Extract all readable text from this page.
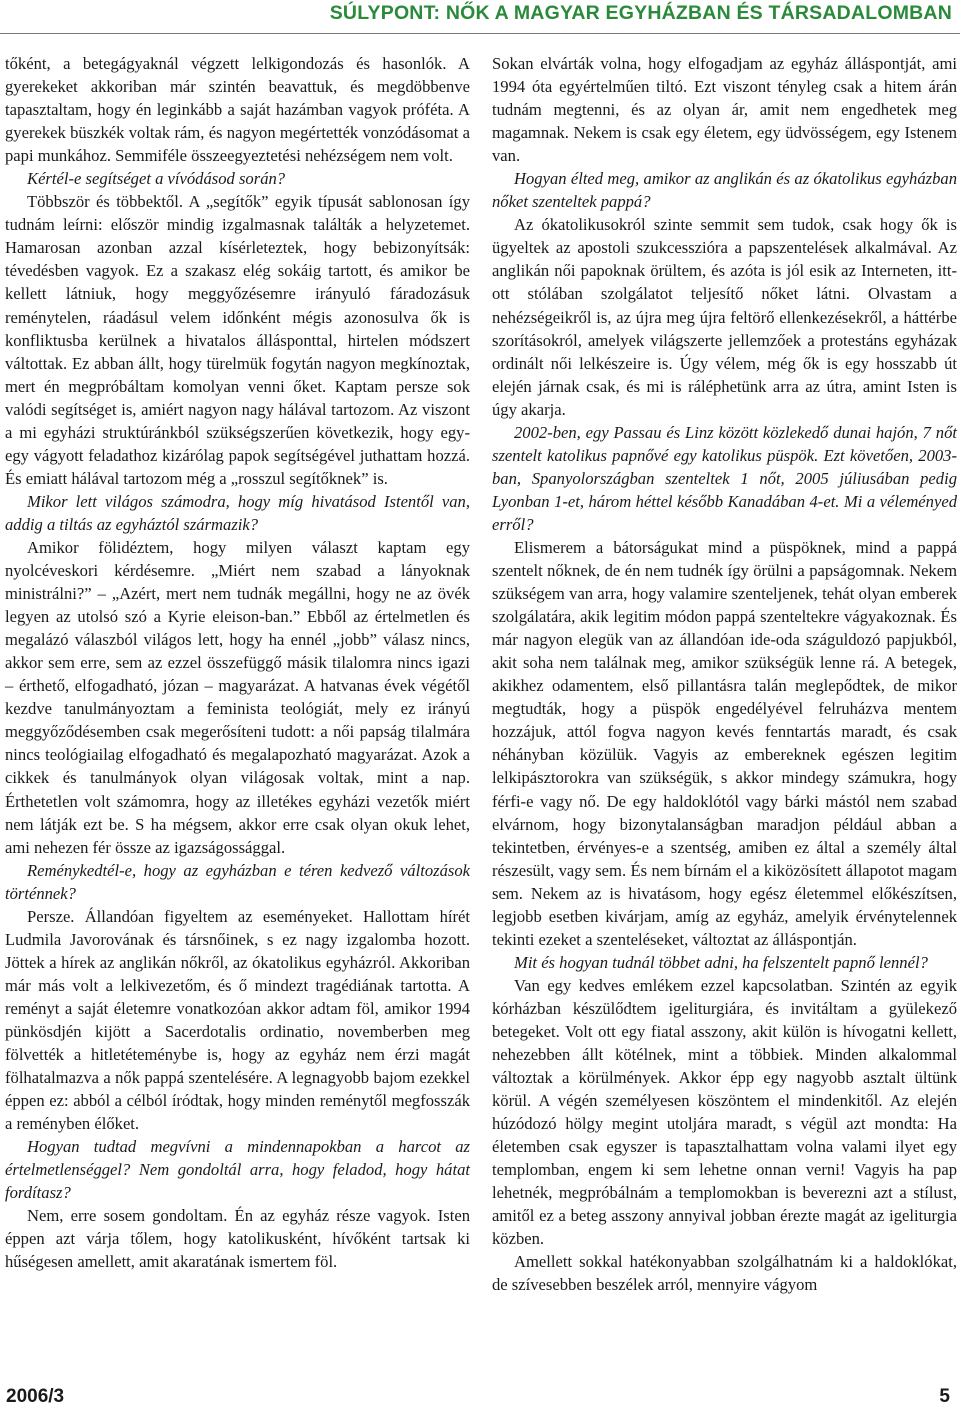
SÚLYPONT: NŐK A MAGYAR EGYHÁZBAN ÉS TÁRSADALOMBAN

tőként, a betegágyaknál végzett lelkigondozás és hasonlók. A gyerekeket akkoriban már szintén beavattuk, és megdöbbenve tapasztaltam, hogy én leginkább a saját hazámban vagyok próféta. A gyerekek büszkék voltak rám, és nagyon megértették vonzódásomat a papi munkához. Semmiféle összeegyeztetési nehézségem nem volt.

Kértél-e segítséget a vívódásod során?

Többször és többektől. A „segítők” egyik típusát sablonosan így tudnám leírni: először mindig izgalmasnak találták a helyzetemet. Hamarosan azonban azzal kísérleteztek, hogy bebizonyítsák: tévedésben vagyok. Ez a szakasz elég sokáig tartott, és amikor be kellett látniuk, hogy meggyőzésemre irányuló fáradozásuk reménytelen, ráadásul velem időnként mégis azonosulva ők is konfliktusba kerülnek a hivatalos állásponttal, hirtelen módszert váltottak. Ez abban állt, hogy türelmük fogytán nagyon megkínoztak, mert én megpróbáltam komolyan venni őket. Kaptam persze sok valódi segítséget is, amiért nagyon nagy hálával tartozom. Az viszont a mi egyházi struktúránkból szükségszerűen következik, hogy egy-egy vágyott feladathoz kizárólag papok segítségével juthattam hozzá. És emiatt hálával tartozom még a „rosszul segítőknek” is.

Mikor lett világos számodra, hogy míg hivatásod Istentől van, addig a tiltás az egyháztól származik?

Amikor fölidéztem, hogy milyen választ kaptam egy nyolcéveskori kérdésemre. „Miért nem szabad a lányoknak ministrálni?” – „Azért, mert nem tudnák megállni, hogy ne az övék legyen az utolsó szó a Kyrie eleison-ban.” Ebből az értelmetlen és megalázó válaszból világos lett, hogy ha ennél „jobb” válasz nincs, akkor sem erre, sem az ezzel összefüggő másik tilalomra nincs igazi – érthető, elfogadható, józan – magyarázat. A hatvanas évek végétől kezdve tanulmányoztam a feminista teológiát, mely ez irányú meggyőződésemben csak megerősíteni tudott: a női papság tilalmára nincs teológiailag elfogadható és megalapozható magyarázat. Azok a cikkek és tanulmányok olyan világosak voltak, mint a nap. Érthetetlen volt számomra, hogy az illetékes egyházi vezetők miért nem látják ezt be. S ha mégsem, akkor erre csak olyan okuk lehet, ami nehezen fér össze az igazságossággal.

Reménykedtél-e, hogy az egyházban e téren kedvező változások történnek?

Persze. Állandóan figyeltem az eseményeket. Hallottam hírét Ludmila Javorovának és társnőinek, s ez nagy izgalomba hozott. Jöttek a hírek az anglikán nőkről, az ókatolikus egyházról. Akkoriban már más volt a lelkivezetőm, és ő mindezt tragédiának tartotta. A reményt a saját életemre vonatkozóan akkor adtam föl, amikor 1994 pünkösdjén kijött a Sacerdotalis ordinatio, novemberben meg fölvették a hitletéteménybe is, hogy az egyház nem érzi magát fölhatalmazva a nők pappá szentelésére. A legnagyobb bajom ezekkel éppen ez: abból a célból íródtak, hogy minden reménytől megfosszák a reményben élőket.

Hogyan tudtad megvívni a mindennapokban a harcot az értelmetlenséggel? Nem gondoltál arra, hogy feladod, hogy hátat fordítasz?

Nem, erre sosem gondoltam. Én az egyház része vagyok. Isten éppen azt várja tőlem, hogy katolikusként, hívőként tartsak ki hűségesen amellett, amit akaratának ismertem föl.

Sokan elvárták volna, hogy elfogadjam az egyház álláspontját, ami 1994 óta egyértelműen tiltó. Ezt viszont tényleg csak a hitem árán tudnám megtenni, és az olyan ár, amit nem engedhetek meg magamnak. Nekem is csak egy életem, egy üdvösségem, egy Istenem van.

Hogyan élted meg, amikor az anglikán és az ókatolikus egyházban nőket szenteltek pappá?

Az ókatolikusokról szinte semmit sem tudok, csak hogy ők is ügyeltek az apostoli szukcesszióra a papszentelések alkalmával. Az anglikán női papoknak örültem, és azóta is jól esik az Interneten, itt-ott stólában szolgálatot teljesítő nőket látni. Olvastam a nehézségeikről is, az újra meg újra feltörő ellenkezésekről, a háttérbe szorításokról, amelyek világszerte jellemzőek a protestáns egyházak ordinált női lelkészeire is. Úgy vélem, még ők is egy hosszabb út elején járnak csak, és mi is ráléphetünk arra az útra, amint Isten is úgy akarja.

2002-ben, egy Passau és Linz között közlekedő dunai hajón, 7 nőt szentelt katolikus papnővé egy katolikus püspök. Ezt követően, 2003-ban, Spanyolországban szenteltek 1 nőt, 2005 júliusában pedig Lyonban 1-et, három héttel később Kanadában 4-et. Mi a véleményed erről?

Elismerem a bátorságukat mind a püspöknek, mind a pappá szentelt nőknek, de én nem tudnék így örülni a papságomnak. Nekem szükségem van arra, hogy valamire szenteljenek, tehát olyan emberek szolgálatára, akik legitim módon pappá szenteltekre vágyakoznak. És már nagyon elegük van az állandóan ide-oda száguldozó papjukból, akit soha nem találnak meg, amikor szükségük lenne rá. A betegek, akikhez odamentem, első pillantásra talán meglepődtek, de mikor megtudták, hogy a püspök engedélyével felruházva mentem hozzájuk, attól fogva nagyon kevés fenntartás maradt, és csak néhányban közülük. Vagyis az embereknek egészen legitim lelkipásztorokra van szükségük, s akkor mindegy számukra, hogy férfi-e vagy nő. De egy haldoklótól vagy bárki mástól nem szabad elvárnom, hogy bizonytalanságban maradjon például abban a tekintetben, érvényes-e a szentség, amiben ez által a személy által részesült, vagy sem. És nem bírnám el a kiközösített állapotot magam sem. Nekem az is hivatásom, hogy egész életemmel előkészítsen, legjobb esetben kivárjam, amíg az egyház, amelyik érvénytelennek tekinti ezeket a szenteléseket, változtat az álláspontján.

Mit és hogyan tudnál többet adni, ha felszentelt papnő lennél?

Van egy kedves emlékem ezzel kapcsolatban. Szintén az egyik kórházban készülődtem igeliturgiára, és invitáltam a gyülekező betegeket. Volt ott egy fiatal asszony, akit külön is hívogatni kellett, nehezebben állt kötélnek, mint a többiek. Minden alkalommal változtak a körülmények. Akkor épp egy nagyobb asztalt ültünk körül. A végén személyesen köszöntem el mindenkitől. Az elején húzódozó hölgy megint utoljára maradt, s végül azt mondta: Ha életemben csak egyszer is tapasztalhattam volna valami ilyet egy templomban, engem ki sem lehetne onnan verni! Vagyis ha pap lehetnék, megpróbálnám a templomokban is beverezni azt a stílust, amitől ez a beteg asszony annyival jobban érezte magát az igeliturgia közben.

Amellett sokkal hatékonyabban szolgálhatnám ki a haldoklókat, de szívesebben beszélek arról, mennyire vágyom

2006/3	5
